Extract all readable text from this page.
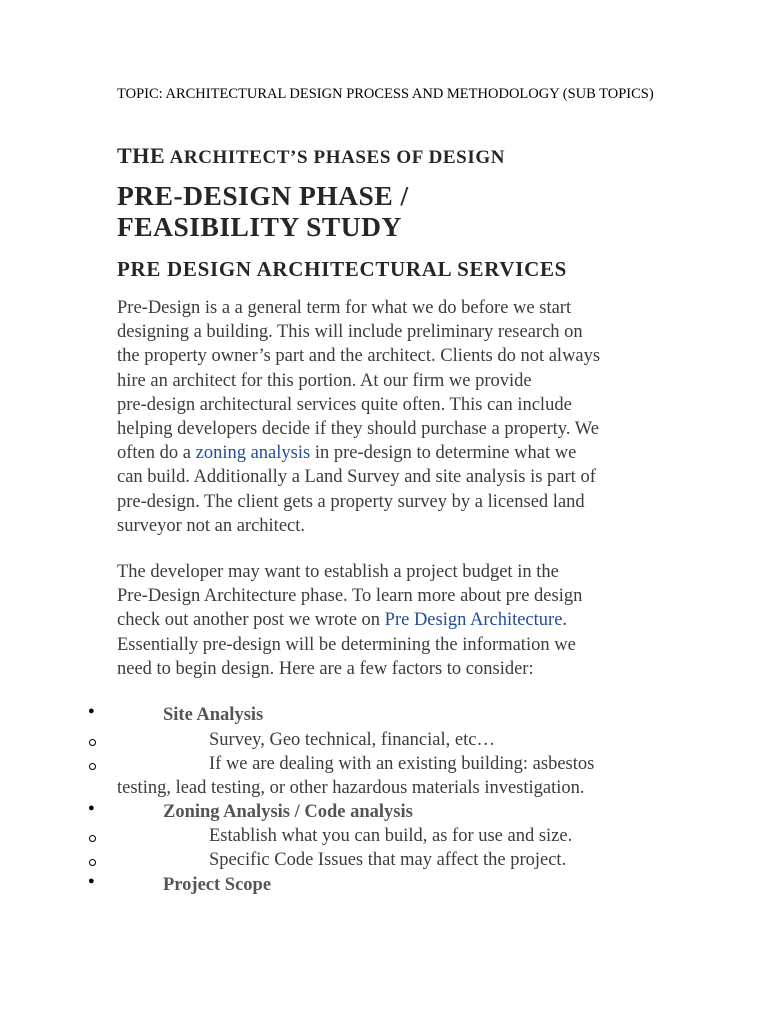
TOPIC: ARCHITECTURAL DESIGN PROCESS AND METHODOLOGY (SUB TOPICS)
THE ARCHITECT’S PHASES OF DESIGN
PRE-DESIGN PHASE /
FEASIBILITY STUDY
PRE DESIGN ARCHITECTURAL SERVICES
Pre-Design is a a general term for what we do before we start
designing a building. This will include preliminary research on
the property owner’s part and the architect. Clients do not always
hire an architect for this portion. At our firm we provide
pre-design architectural services quite often. This can include
helping developers decide if they should purchase a property. We
often do a zoning analysis in pre-design to determine what we
can build. Additionally a Land Survey and site analysis is part of
pre-design. The client gets a property survey by a licensed land
surveyor not an architect.
The developer may want to establish a project budget in the
Pre-Design Architecture phase. To learn more about pre design
check out another post we wrote on Pre Design Architecture.
Essentially pre-design will be determining the information we
need to begin design. Here are a few factors to consider:
●	Site Analysis
Survey, Geo technical, financial, etc…
If we are dealing with an existing building: asbestos
testing, lead testing, or other hazardous materials investigation.
●	Zoning Analysis / Code analysis
Establish what you can build, as for use and size.
Specific Code Issues that may affect the project.
●	Project Scope
